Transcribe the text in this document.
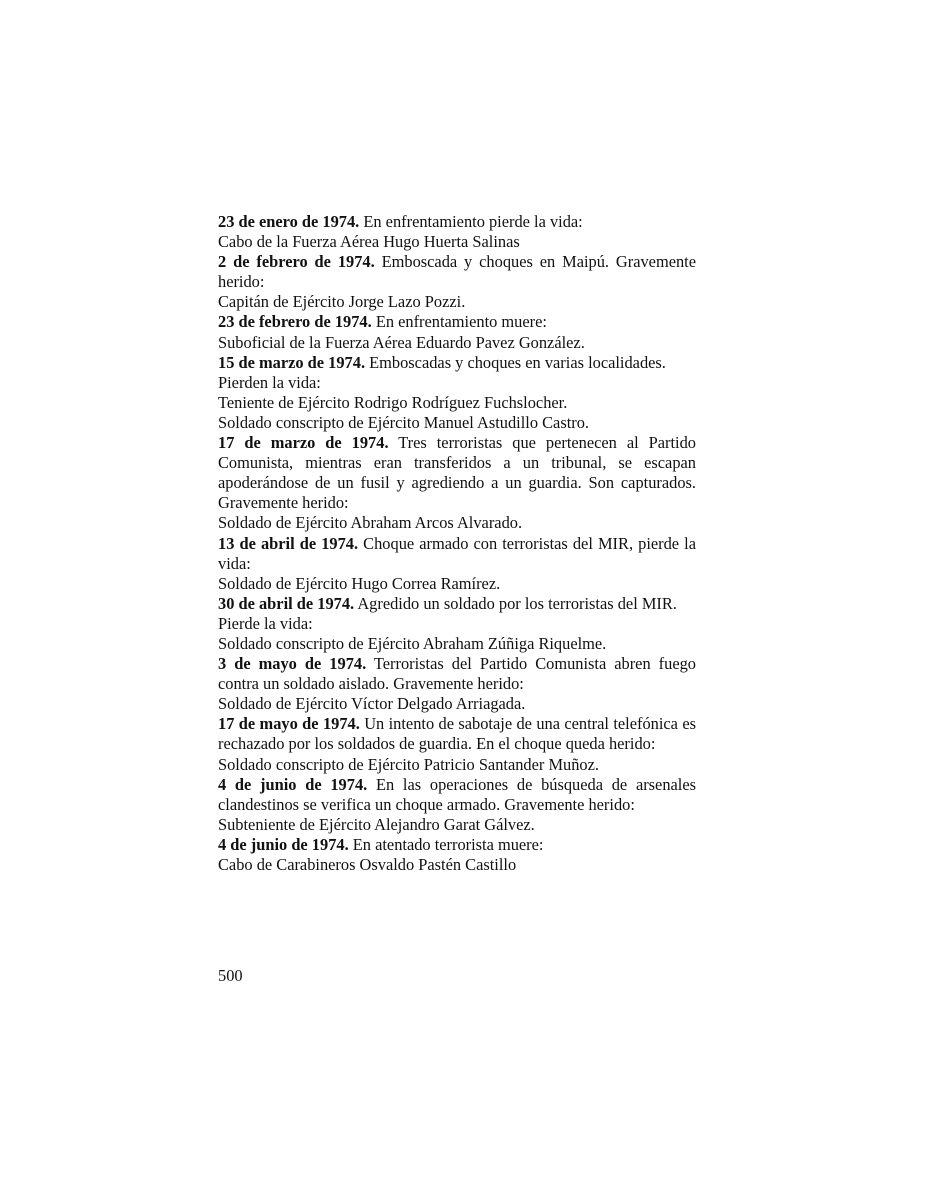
23 de enero de 1974. En enfrentamiento pierde la vida:

Cabo de la Fuerza Aérea Hugo Huerta Salinas

2 de febrero de 1974. Emboscada y choques en Maipú. Gravemente herido:

Capitán de Ejército Jorge Lazo Pozzi.

23 de febrero de 1974. En enfrentamiento muere:

Suboficial de la Fuerza Aérea Eduardo Pavez González.

15 de marzo de 1974. Emboscadas y choques en varias localidades.

Pierden la vida:

Teniente de Ejército Rodrigo Rodríguez Fuchslocher.

Soldado conscripto de Ejército Manuel Astudillo Castro.

17 de marzo de 1974. Tres terroristas que pertenecen al Partido Comunista, mientras eran transferidos a un tribunal, se escapan apoderándose de un fusil y agrediendo a un guardia. Son capturados. Gravemente herido:

Soldado de Ejército Abraham Arcos Alvarado.

13 de abril de 1974. Choque armado con terroristas del MIR, pierde la vida:

Soldado de Ejército Hugo Correa Ramírez.

30 de abril de 1974. Agredido un soldado por los terroristas del MIR.

Pierde la vida:

Soldado conscripto de Ejército Abraham Zúñiga Riquelme.

3 de mayo de 1974. Terroristas del Partido Comunista abren fuego contra un soldado aislado. Gravemente herido:

Soldado de Ejército Víctor Delgado Arriagada.

17 de mayo de 1974. Un intento de sabotaje de una central telefónica es rechazado por los soldados de guardia. En el choque queda herido:

Soldado conscripto de Ejército Patricio Santander Muñoz.

4 de junio de 1974. En las operaciones de búsqueda de arsenales clandestinos se verifica un choque armado. Gravemente herido:

Subteniente de Ejército Alejandro Garat Gálvez.

4 de junio de 1974. En atentado terrorista muere:

Cabo de Carabineros Osvaldo Pastén Castillo

500
